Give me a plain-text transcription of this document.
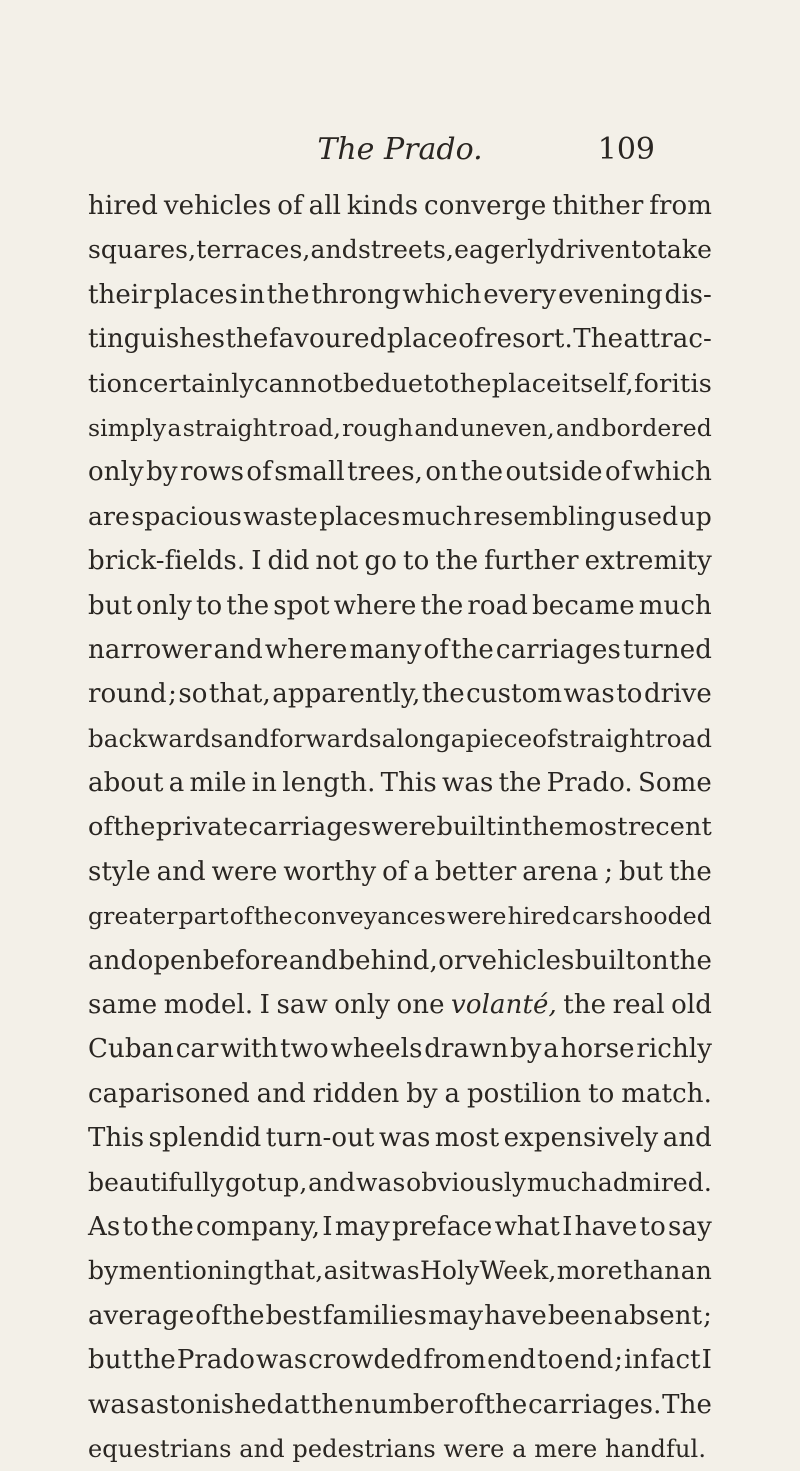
The Prado.	109
hired vehicles of all kinds converge thither from
squares, terraces, and streets, eagerly driven to take
their places in the throng which every evening dis-
tinguishes the favoured place of resort. The attrac-
tion certainly cannot be due to the place itself, for it is
simply a straight road, rough and uneven, and bordered
only by rows of small trees, on the outside of which
are spacious waste places much resembling used up
brick-fields. I did not go to the further extremity
but only to the spot where the road became much
narrower and where many of the carriages turned
round ; so that, apparently, the custom was to drive
backwards and forwards along a piece of straight road
about a mile in length. This was the Prado. Some
of the private carriages were built in the most recent
style and were worthy of a better arena ; but the
greater part of the conveyances were hired cars hooded
and open before and behind, or vehicles built on the
same model. I saw only one volanté, the real old
Cuban car with two wheels drawn by a horse richly
caparisoned and ridden by a postilion to match.
This splendid turn-out was most expensively and
beautifully got up, and was obviously much admired.
As to the company, I may preface what I have to say
by mentioning that, as it was Holy Week, more than an
average of the best families may have been absent ;
but the Prado was crowded from end to end ; in fact I
was astonished at the number of the carriages. The
equestrians and pedestrians were a mere handful.
